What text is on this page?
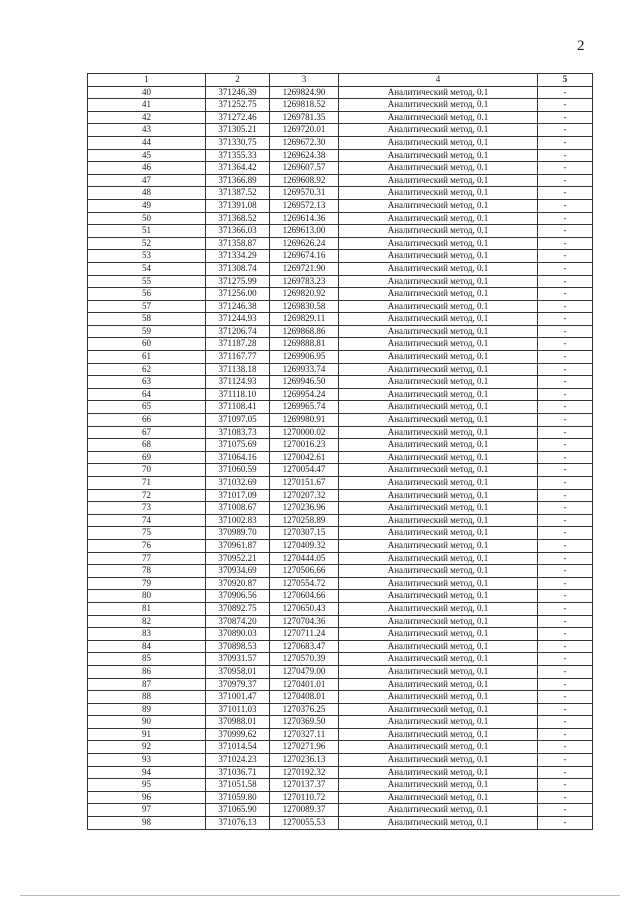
2
1	2	3	4	5
40	371246.39	1269824.90	Аналитический метод, 0.1	-
41	371252.75	1269818.52	Аналитический метод, 0.1	-
42	371272.46	1269781.35	Аналитический метод, 0.1	-
43	371305.21	1269720.01	Аналитический метод, 0.1	-
44	371330.75	1269672.30	Аналитический метод, 0.1	-
45	371355.33	1269624.38	Аналитический метод, 0.1	-
46	371364.42	1269607.57	Аналитический метод, 0.1	-
47	371366.89	1269608.92	Аналитический метод, 0.1	-
48	371387.52	1269570.31	Аналитический метод, 0.1	-
49	371391.08	1269572.13	Аналитический метод, 0.1	-
50	371368.52	1269614.36	Аналитический метод, 0.1	-
51	371366.03	1269613.00	Аналитический метод, 0.1	-
52	371358.87	1269626.24	Аналитический метод, 0.1	-
53	371334.29	1269674.16	Аналитический метод, 0.1	-
54	371308.74	1269721.90	Аналитический метод, 0.1	-
55	371275.99	1269783.23	Аналитический метод, 0.1	-
56	371256.00	1269820.92	Аналитический метод, 0.1	-
57	371246.38	1269830.58	Аналитический метод, 0.1	-
58	371244.93	1269829.11	Аналитический метод, 0.1	-
59	371206.74	1269868.86	Аналитический метод, 0.1	-
60	371187.28	1269888.81	Аналитический метод, 0.1	-
61	371167.77	1269906.95	Аналитический метод, 0.1	-
62	371138.18	1269933.74	Аналитический метод, 0.1	-
63	371124.93	1269946.50	Аналитический метод, 0.1	-
64	371118.10	1269954.24	Аналитический метод, 0.1	-
65	371108.41	1269965.74	Аналитический метод, 0.1	-
66	371097.05	1269980.91	Аналитический метод, 0.1	-
67	371083.73	1270000.02	Аналитический метод, 0.1	-
68	371075.69	1270016.23	Аналитический метод, 0.1	-
69	371064.16	1270042.61	Аналитический метод, 0.1	-
70	371060.59	1270054.47	Аналитический метод, 0.1	-
71	371032.69	1270151.67	Аналитический метод, 0.1	-
72	371017.09	1270207.32	Аналитический метод, 0.1	-
73	371008.67	1270236.96	Аналитический метод, 0.1	-
74	371002.83	1270258.89	Аналитический метод, 0.1	-
75	370989.70	1270307.15	Аналитический метод, 0.1	-
76	370961.87	1270409.32	Аналитический метод, 0.1	-
77	370952.21	1270444.05	Аналитический метод, 0.1	-
78	370934.69	1270506.66	Аналитический метод, 0.1	-
79	370920.87	1270554.72	Аналитический метод, 0.1	-
80	370906.56	1270604.66	Аналитический метод, 0.1	-
81	370892.75	1270650.43	Аналитический метод, 0.1	-
82	370874.20	1270704.36	Аналитический метод, 0.1	-
83	370890.03	1270711.24	Аналитический метод, 0.1	-
84	370898.53	1270683.47	Аналитический метод, 0.1	-
85	370931.57	1270570.39	Аналитический метод, 0.1	-
86	370958.01	1270479.00	Аналитический метод, 0.1	-
87	370979.37	1270401.01	Аналитический метод, 0.1	-
88	371001.47	1270408.01	Аналитический метод, 0.1	-
89	371011.03	1270376.25	Аналитический метод, 0.1	-
90	370988.01	1270369.50	Аналитический метод, 0.1	-
91	370999.62	1270327.11	Аналитический метод, 0.1	-
92	371014.54	1270271.96	Аналитический метод, 0.1	-
93	371024.23	1270236.13	Аналитический метод, 0.1	-
94	371036.71	1270192.32	Аналитический метод, 0.1	-
95	371051.58	1270137.37	Аналитический метод, 0.1	-
96	371059.80	1270110.72	Аналитический метод, 0.1	-
97	371065.90	1270089.37	Аналитический метод, 0.1	-
98	371076.13	1270055.53	Аналитический метод, 0.1	-
